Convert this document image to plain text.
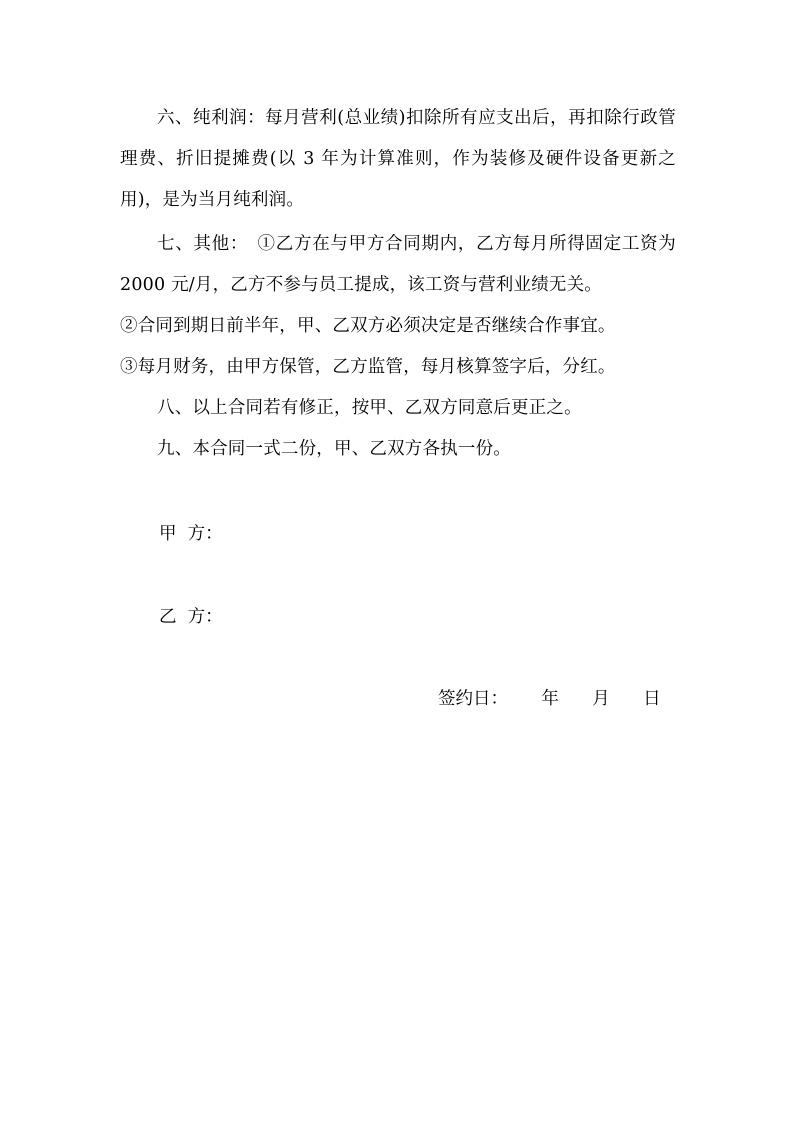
六、纯利润：每月营利(总业绩)扣除所有应支出后，再扣除行政管理费、折旧提摊费(以 3 年为计算准则，作为装修及硬件设备更新之用)，是为当月纯利润。

七、其他：　①乙方在与甲方合同期内，乙方每月所得固定工资为 2000 元/月，乙方不参与员工提成，该工资与营利业绩无关。

②合同到期日前半年，甲、乙双方必须决定是否继续合作事宜。

③每月财务，由甲方保管，乙方监管，每月核算签字后，分红。

八、以上合同若有修正，按甲、乙双方同意后更正之。

九、本合同一式二份，甲、乙双方各执一份。

甲  方：
乙  方：
签约日：      年      月      日
